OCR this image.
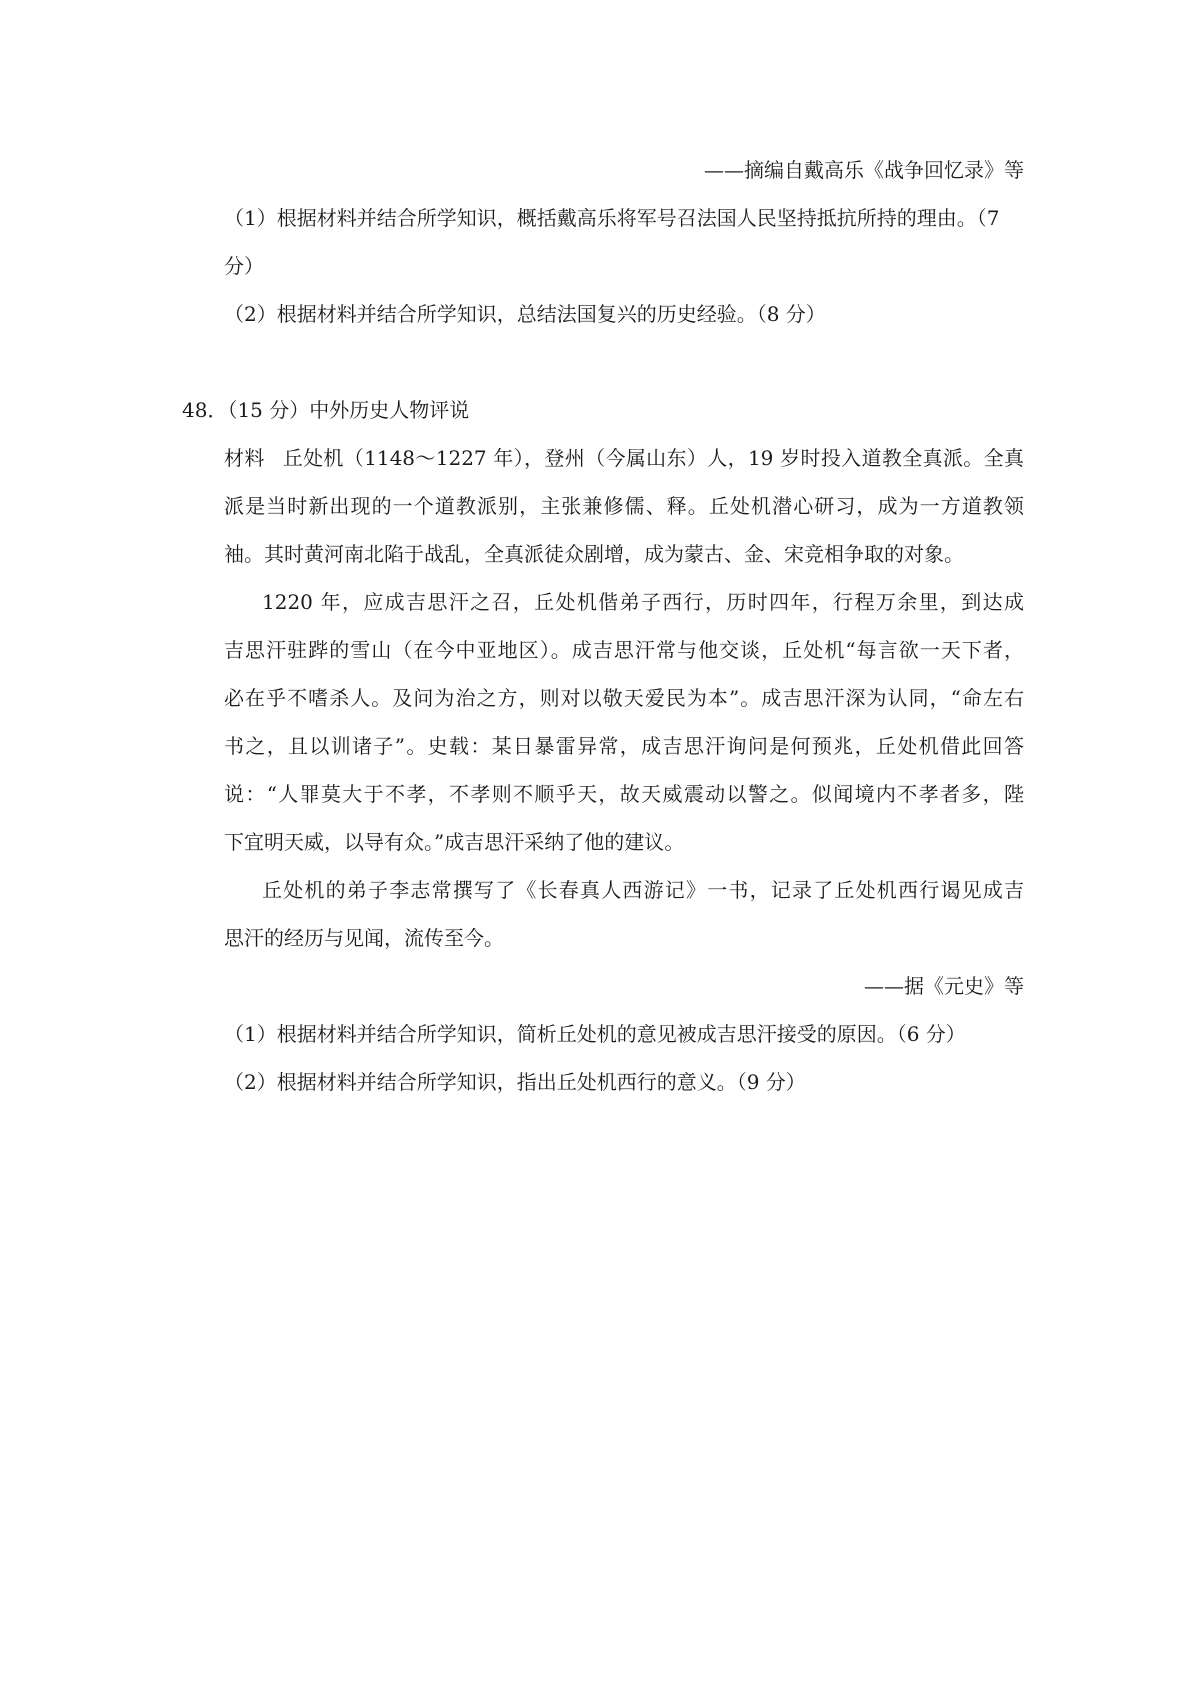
——摘编自戴高乐《战争回忆录》等
（1）根据材料并结合所学知识，概括戴高乐将军号召法国人民坚持抵抗所持的理由。（7
分）
（2）根据材料并结合所学知识，总结法国复兴的历史经验。（8 分）
48．（15 分）中外历史人物评说
材料 丘处机（1148～1227 年），登州（今属山东）人，19 岁时投入道教全真派。全真
派是当时新出现的一个道教派别，主张兼修儒、释。丘处机潜心研习，成为一方道教领
袖。其时黄河南北陷于战乱，全真派徒众剧增，成为蒙古、金、宋竞相争取的对象。
1220 年，应成吉思汗之召，丘处机偕弟子西行，历时四年，行程万余里，到达成
吉思汗驻跸的雪山（在今中亚地区）。成吉思汗常与他交谈，丘处机“每言欲一天下者，
必在乎不嗜杀人。及问为治之方，则对以敬天爱民为本”。成吉思汗深为认同，“命左右
书之，且以训诸子”。史载：某日暴雷异常，成吉思汗询问是何预兆，丘处机借此回答
说：“人罪莫大于不孝，不孝则不顺乎天，故天威震动以警之。似闻境内不孝者多，陛
下宜明天威，以导有众。”成吉思汗采纳了他的建议。
丘处机的弟子李志常撰写了《长春真人西游记》一书，记录了丘处机西行谒见成吉
思汗的经历与见闻，流传至今。
——据《元史》等
（1）根据材料并结合所学知识，简析丘处机的意见被成吉思汗接受的原因。（6 分）
（2）根据材料并结合所学知识，指出丘处机西行的意义。（9 分）
